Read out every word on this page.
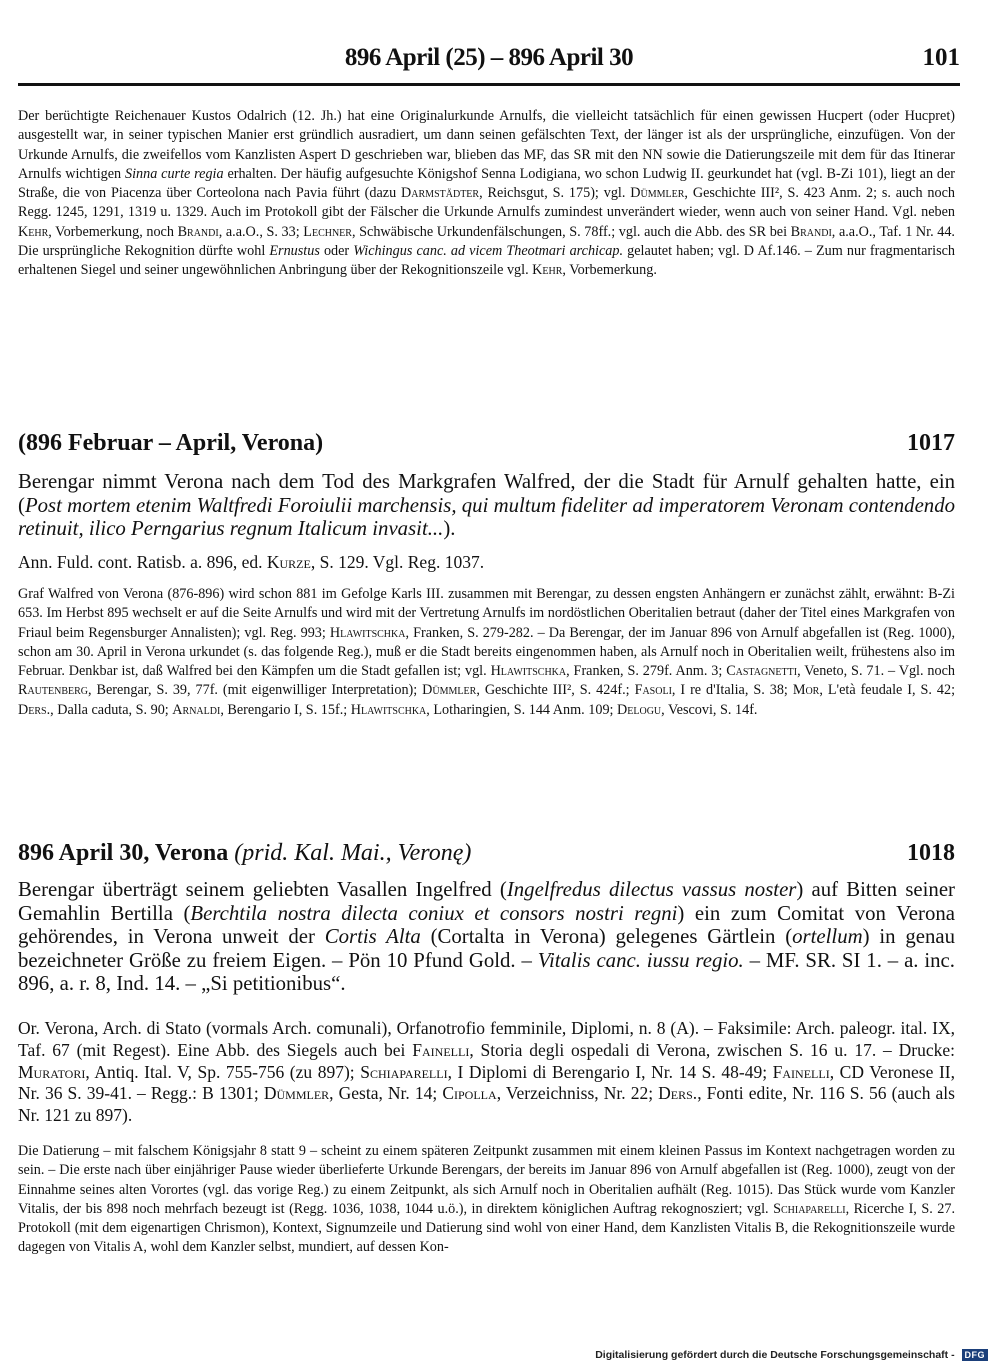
896 April (25) – 896 April 30	101
Der berüchtigte Reichenauer Kustos Odalrich (12. Jh.) hat eine Originalurkunde Arnulfs, die vielleicht tatsächlich für einen gewissen Hucpert (oder Hucpret) ausgestellt war, in seiner typischen Manier erst gründlich ausradiert, um dann seinen gefälschten Text, der länger ist als der ursprüngliche, einzufügen. Von der Urkunde Arnulfs, die zweifellos vom Kanzlisten Aspert D geschrieben war, blieben das MF, das SR mit den NN sowie die Datierungszeile mit dem für das Itinerar Arnulfs wichtigen Sinna curte regia erhalten. Der häufig aufgesuchte Königshof Senna Lodigiana, wo schon Ludwig II. geurkundet hat (vgl. B-Zi 101), liegt an der Straße, die von Piacenza über Corteolona nach Pavia führt (dazu Darmstädter, Reichsgut, S. 175); vgl. Dümmler, Geschichte III², S. 423 Anm. 2; s. auch noch Regg. 1245, 1291, 1319 u. 1329. Auch im Protokoll gibt der Fälscher die Urkunde Arnulfs zumindest unverändert wieder, wenn auch von seiner Hand. Vgl. neben Kehr, Vorbemerkung, noch Brandi, a.a.O., S. 33; Lechner, Schwäbische Urkundenfälschungen, S. 78ff.; vgl. auch die Abb. des SR bei Brandi, a.a.O., Taf. 1 Nr. 44. Die ursprüngliche Rekognition dürfte wohl Ernustus oder Wichingus canc. ad vicem Theotmari archicap. gelautet haben; vgl. D Af.146. – Zum nur fragmentarisch erhaltenen Siegel und seiner ungewöhnlichen Anbringung über der Rekognitionszeile vgl. Kehr, Vorbemerkung.
(896 Februar – April, Verona)	1017
Berengar nimmt Verona nach dem Tod des Markgrafen Walfred, der die Stadt für Arnulf gehalten hatte, ein (Post mortem etenim Waltfredi Foroiulii marchensis, qui multum fideliter ad imperatorem Veronam contendendo retinuit, ilico Perngarius regnum Italicum invasit...).
Ann. Fuld. cont. Ratisb. a. 896, ed. Kurze, S. 129. Vgl. Reg. 1037.
Graf Walfred von Verona (876-896) wird schon 881 im Gefolge Karls III. zusammen mit Berengar, zu dessen engsten Anhängern er zunächst zählt, erwähnt: B-Zi 653. Im Herbst 895 wechselt er auf die Seite Arnulfs und wird mit der Vertretung Arnulfs im nordöstlichen Oberitalien betraut (daher der Titel eines Markgrafen von Friaul beim Regensburger Annalisten); vgl. Reg. 993; Hlawitschka, Franken, S. 279-282. – Da Berengar, der im Januar 896 von Arnulf abgefallen ist (Reg. 1000), schon am 30. April in Verona urkundet (s. das folgende Reg.), muß er die Stadt bereits eingenommen haben, als Arnulf noch in Oberitalien weilt, frühestens also im Februar. Denkbar ist, daß Walfred bei den Kämpfen um die Stadt gefallen ist; vgl. Hlawitschka, Franken, S. 279f. Anm. 3; Castagnetti, Veneto, S. 71. – Vgl. noch Rautenberg, Berengar, S. 39, 77f. (mit eigenwilliger Interpretation); Dümmler, Geschichte III², S. 424f.; Fasoli, I re d'Italia, S. 38; Mor, L'età feudale I, S. 42; Ders., Dalla caduta, S. 90; Arnaldi, Berengario I, S. 15f.; Hlawitschka, Lotharingien, S. 144 Anm. 109; Delogu, Vescovi, S. 14f.
896 April 30, Verona (prid. Kal. Mai., Veronę)	1018
Berengar überträgt seinem geliebten Vasallen Ingelfred (Ingelfredus dilectus vassus noster) auf Bitten seiner Gemahlin Bertilla (Berchtila nostra dilecta coniux et consors nostri regni) ein zum Comitat von Verona gehörendes, in Verona unweit der Cortis Alta (Cortalta in Verona) gelegenes Gärtlein (ortellum) in genau bezeichneter Größe zu freiem Eigen. – Pön 10 Pfund Gold. – Vitalis canc. iussu regio. – MF. SR. SI 1. – a. inc. 896, a. r. 8, Ind. 14. – „Si petitionibus“.
Or. Verona, Arch. di Stato (vormals Arch. comunali), Orfanotrofio femminile, Diplomi, n. 8 (A). – Faksimile: Arch. paleogr. ital. IX, Taf. 67 (mit Regest). Eine Abb. des Siegels auch bei Fainelli, Storia degli ospedali di Verona, zwischen S. 16 u. 17. – Drucke: Muratori, Antiq. Ital. V, Sp. 755-756 (zu 897); Schiaparelli, I Diplomi di Berengario I, Nr. 14 S. 48-49; Fainelli, CD Veronese II, Nr. 36 S. 39-41. – Regg.: B 1301; Dümmler, Gesta, Nr. 14; Cipolla, Verzeichniss, Nr. 22; Ders., Fonti edite, Nr. 116 S. 56 (auch als Nr. 121 zu 897).
Die Datierung – mit falschem Königsjahr 8 statt 9 – scheint zu einem späteren Zeitpunkt zusammen mit einem kleinen Passus im Kontext nachgetragen worden zu sein. – Die erste nach über einjähriger Pause wieder überlieferte Urkunde Berengars, der bereits im Januar 896 von Arnulf abgefallen ist (Reg. 1000), zeugt von der Einnahme seines alten Vorortes (vgl. das vorige Reg.) zu einem Zeitpunkt, als sich Arnulf noch in Oberitalien aufhält (Reg. 1015). Das Stück wurde vom Kanzler Vitalis, der bis 898 noch mehrfach bezeugt ist (Regg. 1036, 1038, 1044 u.ö.), in direktem königlichen Auftrag rekognosziert; vgl. Schiaparelli, Ricerche I, S. 27. Protokoll (mit dem eigenartigen Chrismon), Kontext, Signumzeile und Datierung sind wohl von einer Hand, dem Kanzlisten Vitalis B, die Rekognitionszeile wurde dagegen von Vitalis A, wohl dem Kanzler selbst, mundiert, auf dessen Kon-
Digitalisierung gefördert durch die Deutsche Forschungsgemeinschaft - DFG
